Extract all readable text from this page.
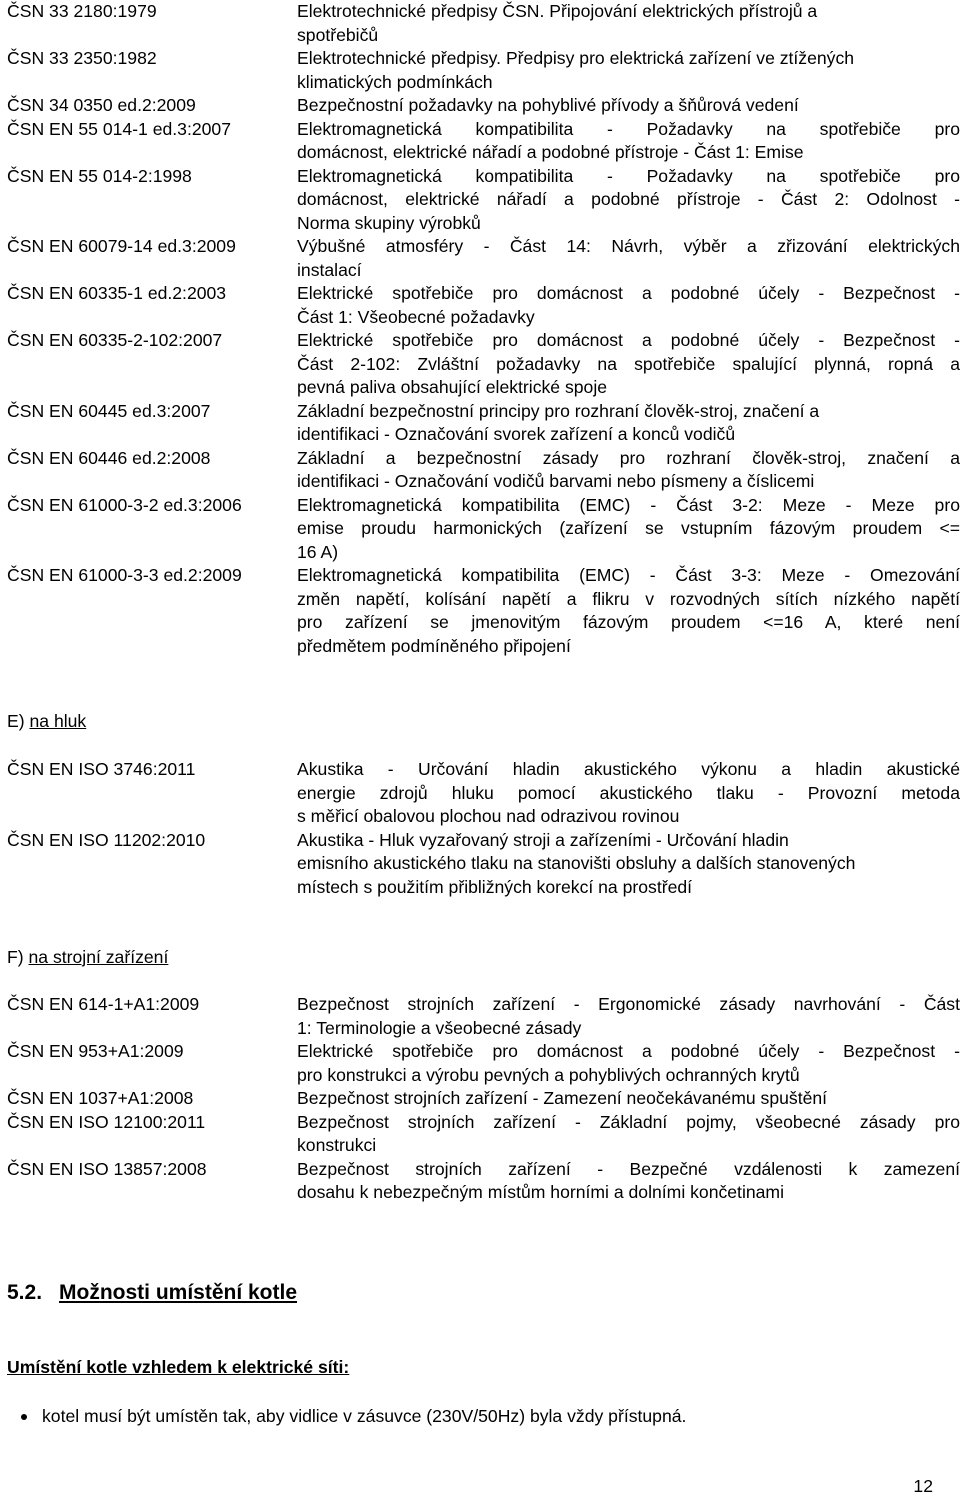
ČSN 33 2180:1979	Elektrotechnické předpisy ČSN. Připojování elektrických přístrojů a
spotřebičů
ČSN 33 2350:1982	Elektrotechnické předpisy. Předpisy pro elektrická zařízení ve ztížených
klimatických podmínkách
ČSN 34 0350 ed.2:2009	Bezpečnostní požadavky na pohyblivé přívody a šňůrová vedení
ČSN EN 55 014-1 ed.3:2007	Elektromagnetická kompatibilita - Požadavky na spotřebiče pro
domácnost, elektrické nářadí a podobné přístroje - Část 1: Emise
ČSN EN 55 014-2:1998	Elektromagnetická kompatibilita - Požadavky na spotřebiče pro
domácnost, elektrické nářadí a podobné přístroje - Část 2: Odolnost -
Norma skupiny výrobků
ČSN EN 60079-14 ed.3:2009	Výbušné atmosféry - Část 14: Návrh, výběr a zřizování elektrických
instalací
ČSN EN 60335-1 ed.2:2003	Elektrické spotřebiče pro domácnost a podobné účely - Bezpečnost -
Část 1: Všeobecné požadavky
ČSN EN 60335-2-102:2007	Elektrické spotřebiče pro domácnost a podobné účely - Bezpečnost -
Část 2-102: Zvláštní požadavky na spotřebiče spalující plynná, ropná a
pevná paliva obsahující elektrické spoje
ČSN EN 60445 ed.3:2007	Základní bezpečnostní principy pro rozhraní člověk-stroj, značení a
identifikaci - Označování svorek zařízení a konců vodičů
ČSN EN 60446 ed.2:2008	Základní a bezpečnostní zásady pro rozhraní člověk-stroj, značení a
identifikaci - Označování vodičů barvami nebo písmeny a číslicemi
ČSN EN 61000-3-2 ed.3:2006	Elektromagnetická kompatibilita (EMC) - Část 3-2: Meze - Meze pro
emise proudu harmonických (zařízení se vstupním fázovým proudem <=
16 A)
ČSN EN 61000-3-3 ed.2:2009	Elektromagnetická kompatibilita (EMC) - Část 3-3: Meze - Omezování
změn napětí, kolísání napětí a flikru v rozvodných sítích nízkého napětí
pro zařízení se jmenovitým fázovým proudem <=16 A, které není
předmětem podmíněného připojení
E) na hluk
ČSN EN ISO 3746:2011	Akustika - Určování hladin akustického výkonu a hladin akustické
energie zdrojů hluku pomocí akustického tlaku - Provozní metoda
s měřicí obalovou plochou nad odrazivou rovinou
ČSN EN ISO 11202:2010	Akustika - Hluk vyzařovaný stroji a zařízeními - Určování hladin
emisního akustického tlaku na stanovišti obsluhy a dalších stanovených
místech s použitím přibližných korekcí na prostředí
F) na strojní zařízení
ČSN EN 614-1+A1:2009	Bezpečnost strojních zařízení - Ergonomické zásady navrhování - Část
1: Terminologie a všeobecné zásady
ČSN EN 953+A1:2009	Elektrické spotřebiče pro domácnost a podobné účely - Bezpečnost -
pro konstrukci a výrobu pevných a pohyblivých ochranných krytů
ČSN EN 1037+A1:2008	Bezpečnost strojních zařízení - Zamezení neočekávanému spuštění
ČSN EN ISO 12100:2011	Bezpečnost strojních zařízení - Základní pojmy, všeobecné zásady pro
konstrukci
ČSN EN ISO 13857:2008	Bezpečnost strojních zařízení - Bezpečné vzdálenosti k zamezení
dosahu k nebezpečným místům horními a dolními končetinami
5.2. Možnosti umístění kotle
Umístění kotle vzhledem k elektrické síti:
kotel musí být umístěn tak, aby vidlice v zásuvce (230V/50Hz) byla vždy přístupná.
12
